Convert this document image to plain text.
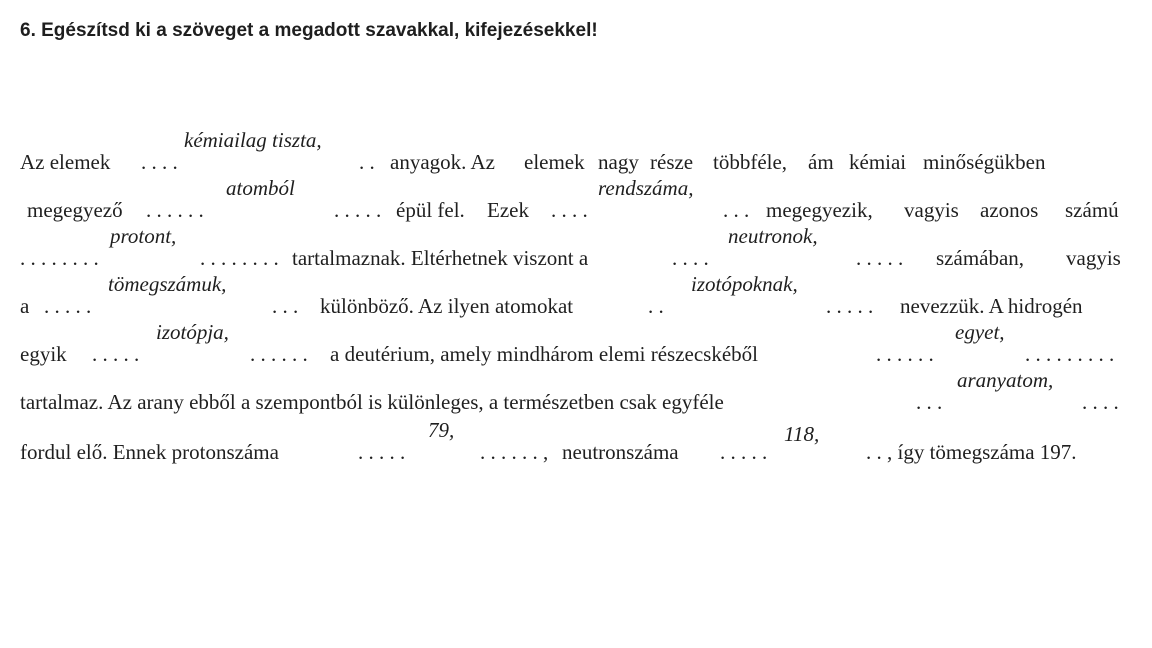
6. Egészítsd ki a szöveget a megadott szavakkal, kifejezésekkel!
Az elemek . . . .
kémiailag tiszta,
. . anyagok. Az elemek nagy része többféle, ám kémiai minőségükben
megegyező . . . . . .
atomból
. . . . . épül fel. Ezek . . . .
rendszáma,
. . . megegyezik, vagyis azonos számú
. . . . . . . .
protont,
. . . . . . . . tartalmaznak. Eltérhetnek viszont a	. . . .
neutronok,
. . . . . számában, vagyis
a . . . . .
tömegszámuk,
. . . különböző. Az ilyen atomokat	. .
izotópoknak,
. . . . . nevezzük. A hidrogén
egyik . . . . .
izotópja,
. . . . . . a deutérium, amely mindhárom elemi részecskéből	. . . . . .
egyet,
. . . . . . . . .
tartalmaz. Az arany ebből a szempontból is különleges, a természetben csak egyféle	. . .
aranyatom,
. . . .
fordul elő. Ennek protonszáma	. . . . .
79,
. . . . . . , neutronszáma . . . . .
118,
. . , így tömegszáma 197.
